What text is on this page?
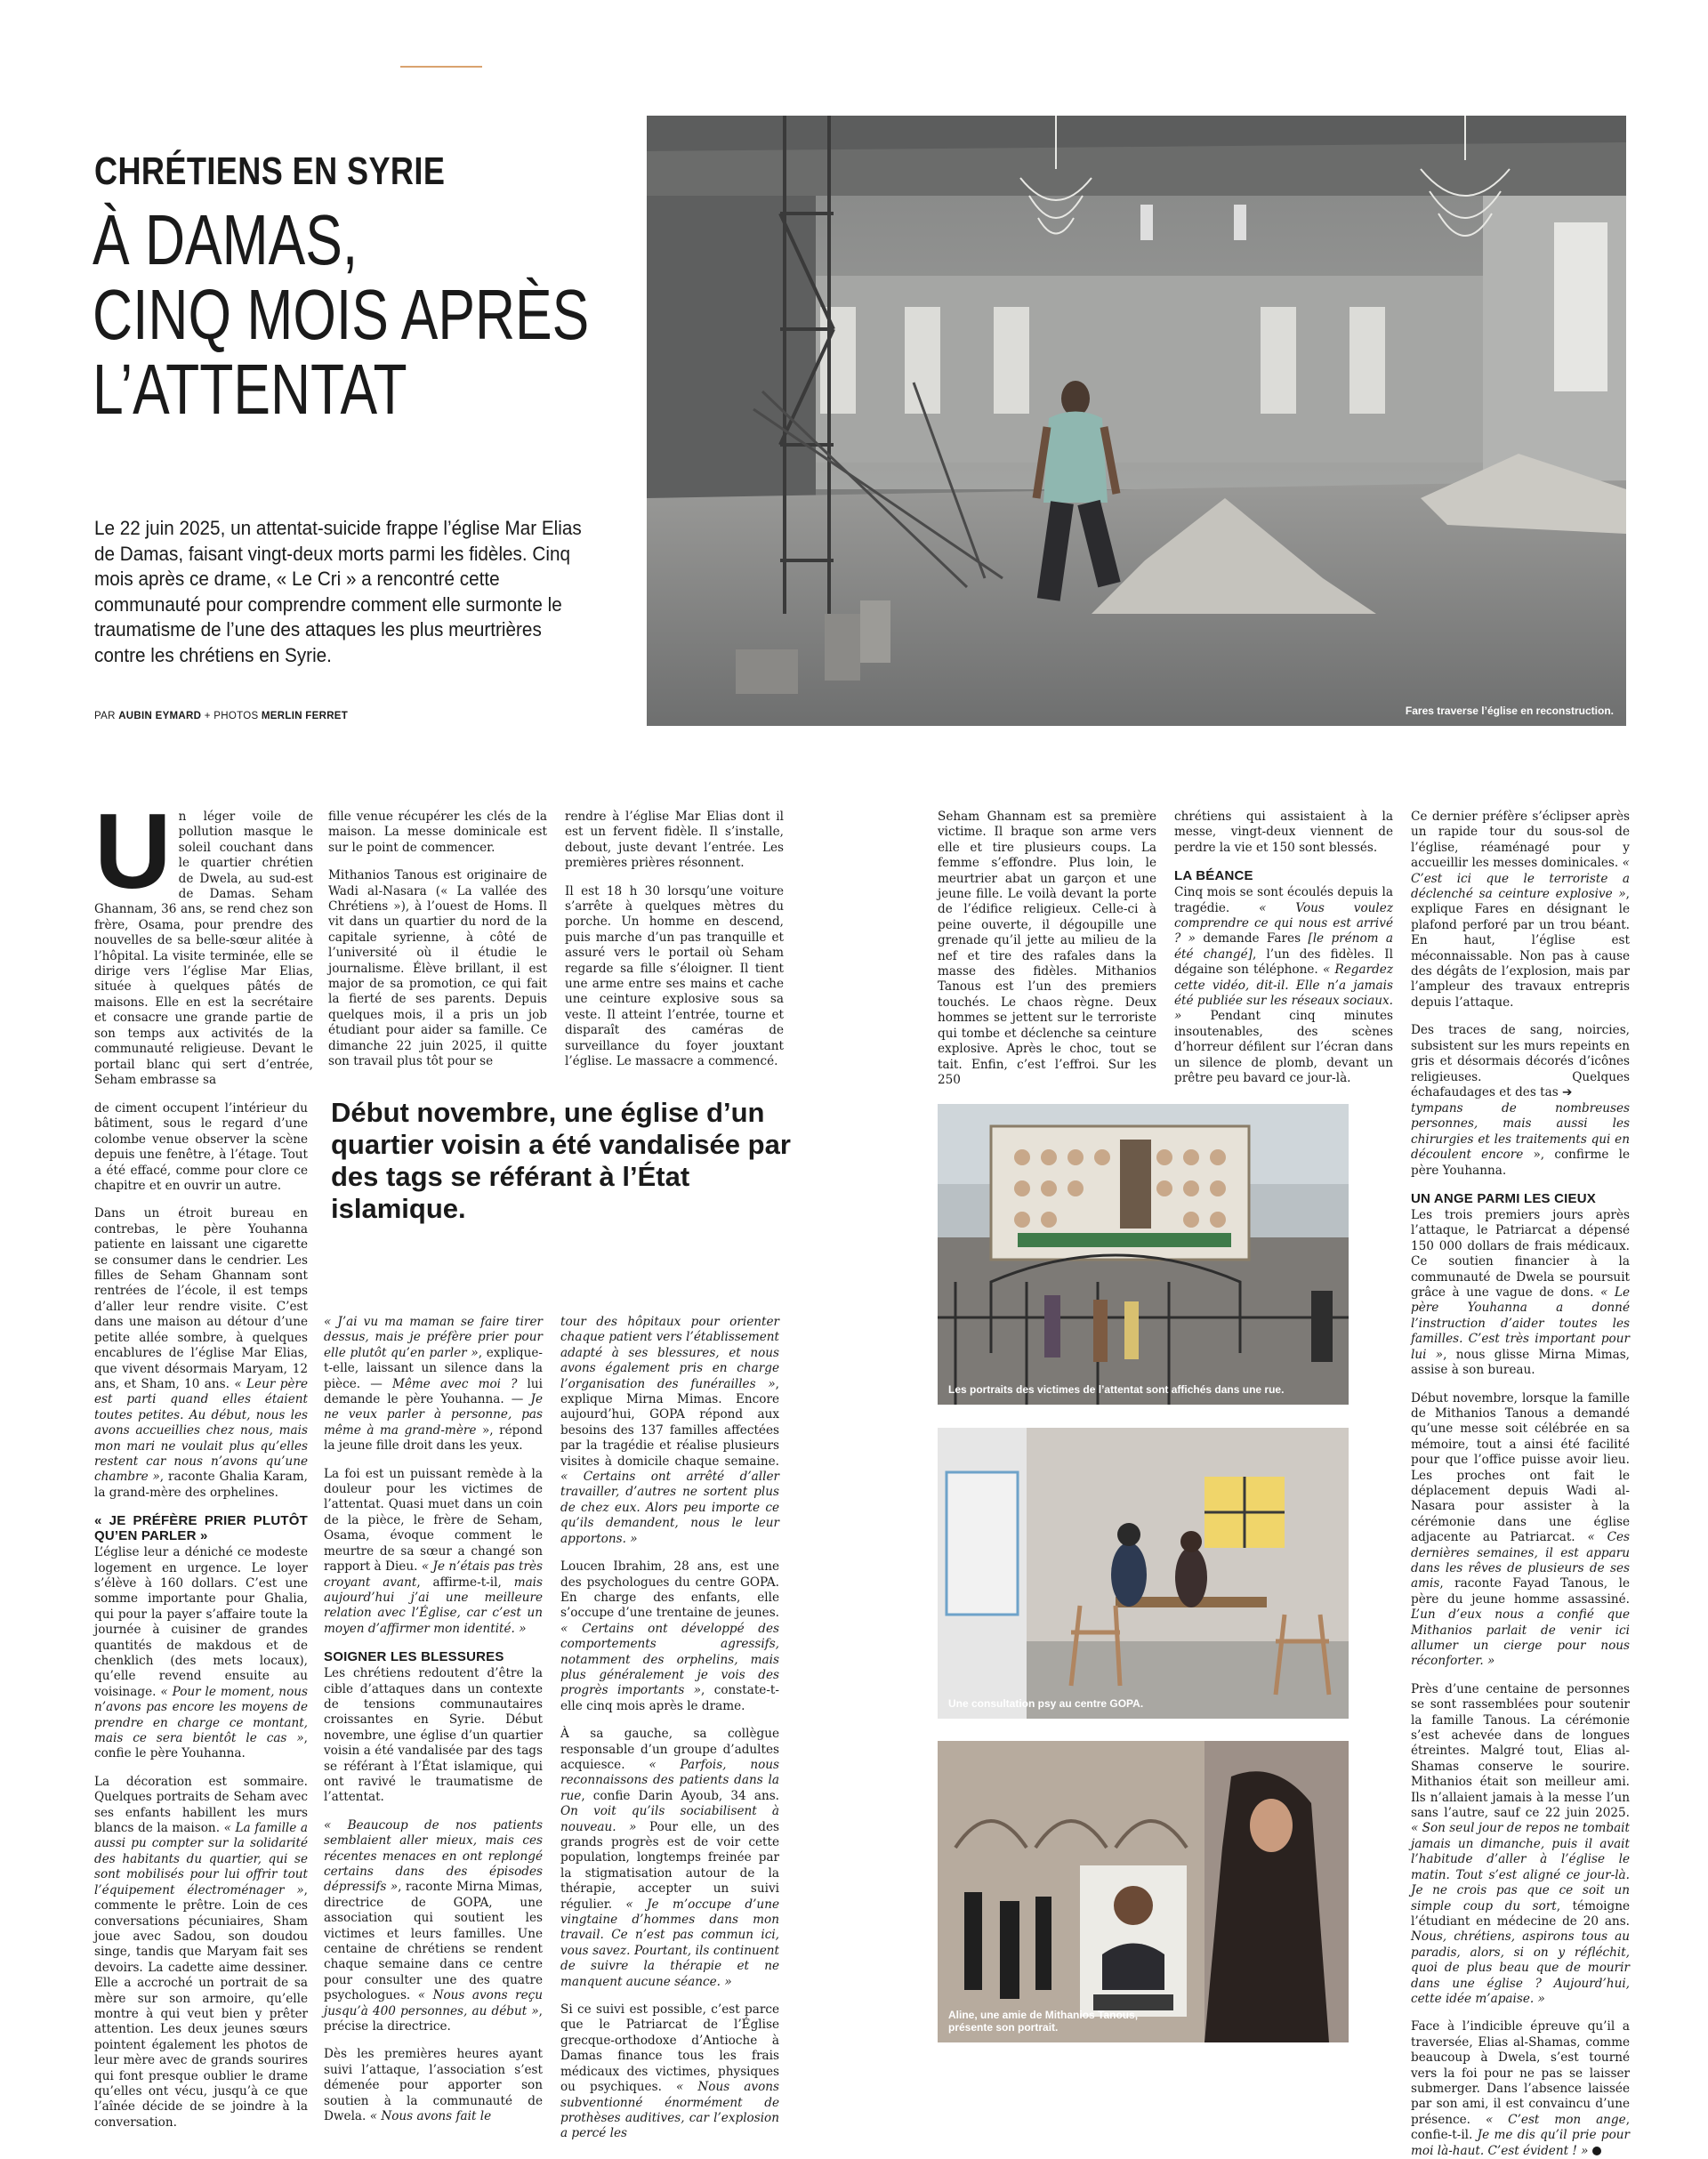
CHRÉTIENS EN SYRIE
À DAMAS,
CINQ MOIS APRÈS
L’ATTENTAT
Le 22 juin 2025, un attentat-suicide frappe l’église Mar Elias de Damas, faisant vingt-deux morts parmi les fidèles. Cinq mois après ce drame, « Le Cri » a rencontré cette communauté pour comprendre comment elle surmonte le traumatisme de l’une des attaques les plus meurtrières contre les chrétiens en Syrie.
PAR AUBIN EYMARD + PHOTOS MERLIN FERRET	Fares traverse l’église en reconstruction.

Un léger voile de pollution masque le soleil couchant dans le quartier chrétien de Dwela, au sud-est de Damas. Seham Ghannam, 36 ans, se rend chez son frère, Osama, pour prendre des nouvelles de sa belle-sœur alitée à l’hôpital. La visite terminée, elle se dirige vers l’église Mar Elias, située à quelques pâtés de maisons. Elle en est la secrétaire et consacre une grande partie de son temps aux activités de la communauté religieuse. Devant le portail blanc qui sert d’entrée, Seham embrasse sa

fille venue récupérer les clés de la maison. La messe dominicale est sur le point de commencer.

Mithanios Tanous est originaire de Wadi al-Nasara (« La vallée des Chrétiens »), à l’ouest de Homs. Il vit dans un quartier du nord de la capitale syrienne, à côté de l’université où il étudie le journalisme. Élève brillant, il est major de sa promotion, ce qui fait la fierté de ses parents. Depuis quelques mois, il a pris un job étudiant pour aider sa famille. Ce dimanche 22 juin 2025, il quitte son travail plus tôt pour se

rendre à l’église Mar Elias dont il est un fervent fidèle. Il s’installe, debout, juste devant l’entrée. Les premières prières résonnent.

Il est 18 h 30 lorsqu’une voiture s’arrête à quelques mètres du porche. Un homme en descend, puis marche d’un pas tranquille et assuré vers le portail où Seham regarde sa fille s’éloigner. Il tient une arme entre ses mains et cache une ceinture explosive sous sa veste. Il atteint l’entrée, tourne et disparaît des caméras de surveillance du foyer jouxtant l’église. Le massacre a commencé.

Seham Ghannam est sa première victime. Il braque son arme vers elle et tire plusieurs coups. La femme s’effondre. Plus loin, le meurtrier abat un garçon et une jeune fille. Le voilà devant la porte de l’édifice religieux. Celle-ci à peine ouverte, il dégoupille une grenade qu’il jette au milieu de la nef et tire des rafales dans la masse des fidèles. Mithanios Tanous est l’un des premiers touchés. Le chaos règne. Deux hommes se jettent sur le terroriste qui tombe et déclenche sa ceinture explosive. Après le choc, tout se tait. Enfin, c’est l’effroi. Sur les 250

chrétiens qui assistaient à la messe, vingt-deux viennent de perdre la vie et 150 sont blessés.

LA BÉANCE

Cinq mois se sont écoulés depuis la tragédie. « Vous voulez comprendre ce qui nous est arrivé ? » demande Fares [le prénom a été changé], l’un des fidèles. Il dégaine son téléphone. « Regardez cette vidéo, dit-il. Elle n’a jamais été publiée sur les réseaux sociaux. » Pendant cinq minutes insoutenables, des scènes d’horreur défilent sur l’écran dans un silence de plomb, devant un prêtre peu bavard ce jour-là.

Ce dernier préfère s’éclipser après un rapide tour du sous-sol de l’église, réaménagé pour y accueillir les messes dominicales. « C’est ici que le terroriste a déclenché sa ceinture explosive », explique Fares en désignant le plafond perforé par un trou béant. En haut, l’église est méconnaissable. Non pas à cause des dégâts de l’explosion, mais par l’ampleur des travaux entrepris depuis l’attaque.

Des traces de sang, noircies, subsistent sur les murs repeints en gris et désormais décorés d’icônes religieuses. Quelques échafaudages et des tas ➔

Début novembre, une église d’un quartier voisin a été vandalisée par des tags se référant à l’État islamique.

de ciment occupent l’intérieur du bâtiment, sous le regard d’une colombe venue observer la scène depuis une fenêtre, à l’étage. Tout a été effacé, comme pour clore ce chapitre et en ouvrir un autre.

Dans un étroit bureau en contrebas, le père Youhanna patiente en laissant une cigarette se consumer dans le cendrier. Les filles de Seham Ghannam sont rentrées de l’école, il est temps d’aller leur rendre visite. C’est dans une maison au détour d’une petite allée sombre, à quelques encablures de l’église Mar Elias, que vivent désormais Maryam, 12 ans, et Sham, 10 ans. « Leur père est parti quand elles étaient toutes petites. Au début, nous les avons accueillies chez nous, mais mon mari ne voulait plus qu’elles restent car nous n’avons qu’une chambre », raconte Ghalia Karam, la grand-mère des orphelines.

« JE PRÉFÈRE PRIER PLUTÔT QU’EN PARLER »

L’église leur a déniché ce modeste logement en urgence. Le loyer s’élève à 160 dollars. C’est une somme importante pour Ghalia, qui pour la payer s’affaire toute la journée à cuisiner de grandes quantités de makdous et de chenklich (des mets locaux), qu’elle revend ensuite au voisinage. « Pour le moment, nous n’avons pas encore les moyens de prendre en charge ce montant, mais ce sera bientôt le cas », confie le père Youhanna.

La décoration est sommaire. Quelques portraits de Seham avec ses enfants habillent les murs blancs de la maison. « La famille a aussi pu compter sur la solidarité des habitants du quartier, qui se sont mobilisés pour lui offrir tout l’équipement électroménager », commente le prêtre. Loin de ces conversations pécuniaires, Sham joue avec Sadou, son doudou singe, tandis que Maryam fait ses devoirs. La cadette aime dessiner. Elle a accroché un portrait de sa mère sur son armoire, qu’elle montre à qui veut bien y prêter attention. Les deux jeunes sœurs pointent également les photos de leur mère avec de grands sourires qui font presque oublier le drame qu’elles ont vécu, jusqu’à ce que l’aînée décide de se joindre à la conversation.

« J’ai vu ma maman se faire tirer dessus, mais je préfère prier pour elle plutôt qu’en parler », explique-t-elle, laissant un silence dans la pièce. — Même avec moi ? lui demande le père Youhanna. — Je ne veux parler à personne, pas même à ma grand-mère », répond la jeune fille droit dans les yeux.

La foi est un puissant remède à la douleur pour les victimes de l’attentat. Quasi muet dans un coin de la pièce, le frère de Seham, Osama, évoque comment le meurtre de sa sœur a changé son rapport à Dieu. « Je n’étais pas très croyant avant, affirme-t-il, mais aujourd’hui j’ai une meilleure relation avec l’Église, car c’est un moyen d’affirmer mon identité. »

SOIGNER LES BLESSURES

Les chrétiens redoutent d’être la cible d’attaques dans un contexte de tensions communautaires croissantes en Syrie. Début novembre, une église d’un quartier voisin a été vandalisée par des tags se référant à l’État islamique, qui ont ravivé le traumatisme de l’attentat.

« Beaucoup de nos patients semblaient aller mieux, mais ces récentes menaces en ont replongé certains dans des épisodes dépressifs », raconte Mirna Mimas, directrice de GOPA, une association qui soutient les victimes et leurs familles. Une centaine de chrétiens se rendent chaque semaine dans ce centre pour consulter une des quatre psychologues. « Nous avons reçu jusqu’à 400 personnes, au début », précise la directrice.

Dès les premières heures ayant suivi l’attaque, l’association s’est démenée pour apporter son soutien à la communauté de Dwela. « Nous avons fait le

tour des hôpitaux pour orienter chaque patient vers l’établissement adapté à ses blessures, et nous avons également pris en charge l’organisation des funérailles », explique Mirna Mimas. Encore aujourd’hui, GOPA répond aux besoins des 137 familles affectées par la tragédie et réalise plusieurs visites à domicile chaque semaine. « Certains ont arrêté d’aller travailler, d’autres ne sortent plus de chez eux. Alors peu importe ce qu’ils demandent, nous le leur apportons. »

Loucen Ibrahim, 28 ans, est une des psychologues du centre GOPA. En charge des enfants, elle s’occupe d’une trentaine de jeunes. « Certains ont développé des comportements agressifs, notamment des orphelins, mais plus généralement je vois des progrès importants », constate-t-elle cinq mois après le drame.

À sa gauche, sa collègue responsable d’un groupe d’adultes acquiesce. « Parfois, nous reconnaissons des patients dans la rue, confie Darin Ayoub, 34 ans. On voit qu’ils sociabilisent à nouveau. » Pour elle, un des grands progrès est de voir cette population, longtemps freinée par la stigmatisation autour de la thérapie, accepter un suivi régulier. « Je m’occupe d’une vingtaine d’hommes dans mon travail. Ce n’est pas commun ici, vous savez. Pourtant, ils continuent de suivre la thérapie et ne manquent aucune séance. »

Si ce suivi est possible, c’est parce que le Patriarcat de l’Église grecque-orthodoxe d’Antioche à Damas finance tous les frais médicaux des victimes, physiques ou psychiques. « Nous avons subventionné énormément de prothèses auditives, car l’explosion a percé les

Les portraits des victimes de l’attentat sont affichés dans une rue.
Une consultation psy au centre GOPA.
Aline, une amie de Mithanios Tanous,
présente son portrait.

tympans de nombreuses personnes, mais aussi les chirurgies et les traitements qui en découlent encore », confirme le père Youhanna.

UN ANGE PARMI LES CIEUX

Les trois premiers jours après l’attaque, le Patriarcat a dépensé 150 000 dollars de frais médicaux. Ce soutien financier à la communauté de Dwela se poursuit grâce à une vague de dons. « Le père Youhanna a donné l’instruction d’aider toutes les familles. C’est très important pour lui », nous glisse Mirna Mimas, assise à son bureau.

Début novembre, lorsque la famille de Mithanios Tanous a demandé qu’une messe soit célébrée en sa mémoire, tout a ainsi été facilité pour que l’office puisse avoir lieu. Les proches ont fait le déplacement depuis Wadi al-Nasara pour assister à la cérémonie dans une église adjacente au Patriarcat. « Ces dernières semaines, il est apparu dans les rêves de plusieurs de ses amis, raconte Fayad Tanous, le père du jeune homme assassiné. L’un d’eux nous a confié que Mithanios parlait de venir ici allumer un cierge pour nous réconforter. »

Près d’une centaine de personnes se sont rassemblées pour soutenir la famille Tanous. La cérémonie s’est achevée dans de longues étreintes. Malgré tout, Elias al-Shamas conserve le sourire. Mithanios était son meilleur ami. Ils n’allaient jamais à la messe l’un sans l’autre, sauf ce 22 juin 2025. « Son seul jour de repos ne tombait jamais un dimanche, puis il avait l’habitude d’aller à l’église le matin. Tout s’est aligné ce jour-là. Je ne crois pas que ce soit un simple coup du sort, témoigne l’étudiant en médecine de 20 ans. Nous, chrétiens, aspirons tous au paradis, alors, si on y réfléchit, quoi de plus beau que de mourir dans une église ? Aujourd’hui, cette idée m’apaise. »

Face à l’indicible épreuve qu’il a traversée, Elias al-Shamas, comme beaucoup à Dwela, s’est tourné vers la foi pour ne pas se laisser submerger. Dans l’absence laissée par son ami, il est convaincu d’une présence. « C’est mon ange, confie-t-il. Je me dis qu’il prie pour moi là-haut. C’est évident ! »
